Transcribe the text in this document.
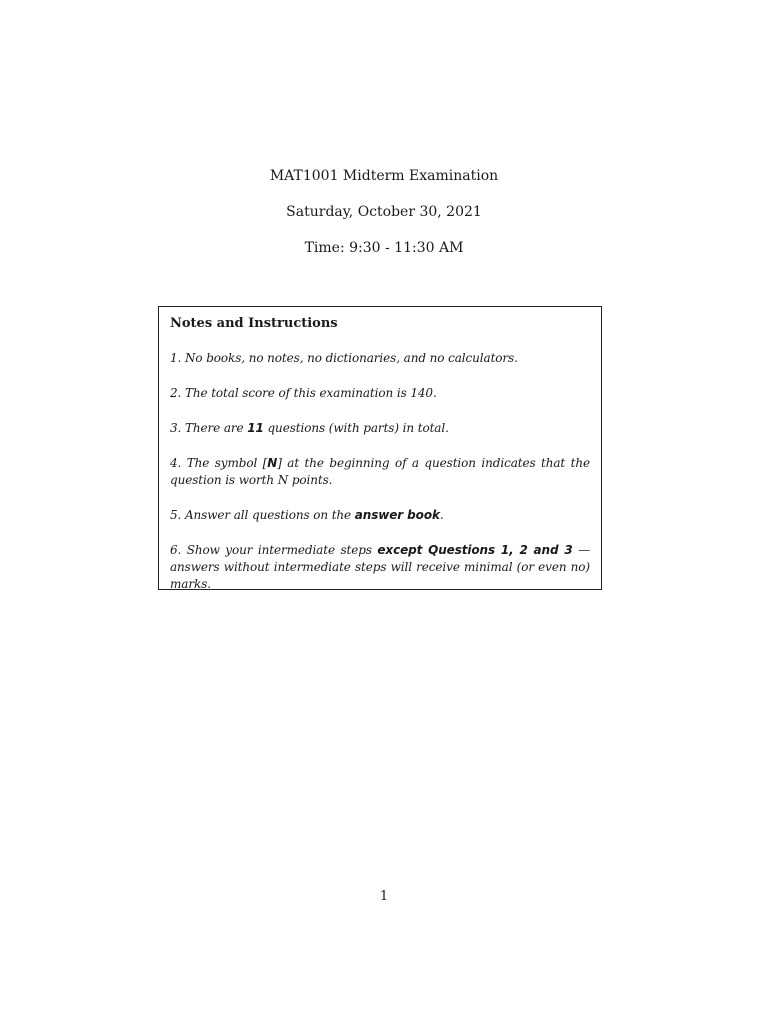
MAT1001 Midterm Examination
Saturday, October 30, 2021
Time: 9:30 - 11:30 AM
Notes and Instructions

1. No books, no notes, no dictionaries, and no calculators.

2. The total score of this examination is 140.

3. There are 11 questions (with parts) in total.

4. The symbol [N] at the beginning of a question indicates that the question is worth N points.

5. Answer all questions on the answer book.

6. Show your intermediate steps except Questions 1, 2 and 3 — answers without intermediate steps will receive minimal (or even no) marks.

1
